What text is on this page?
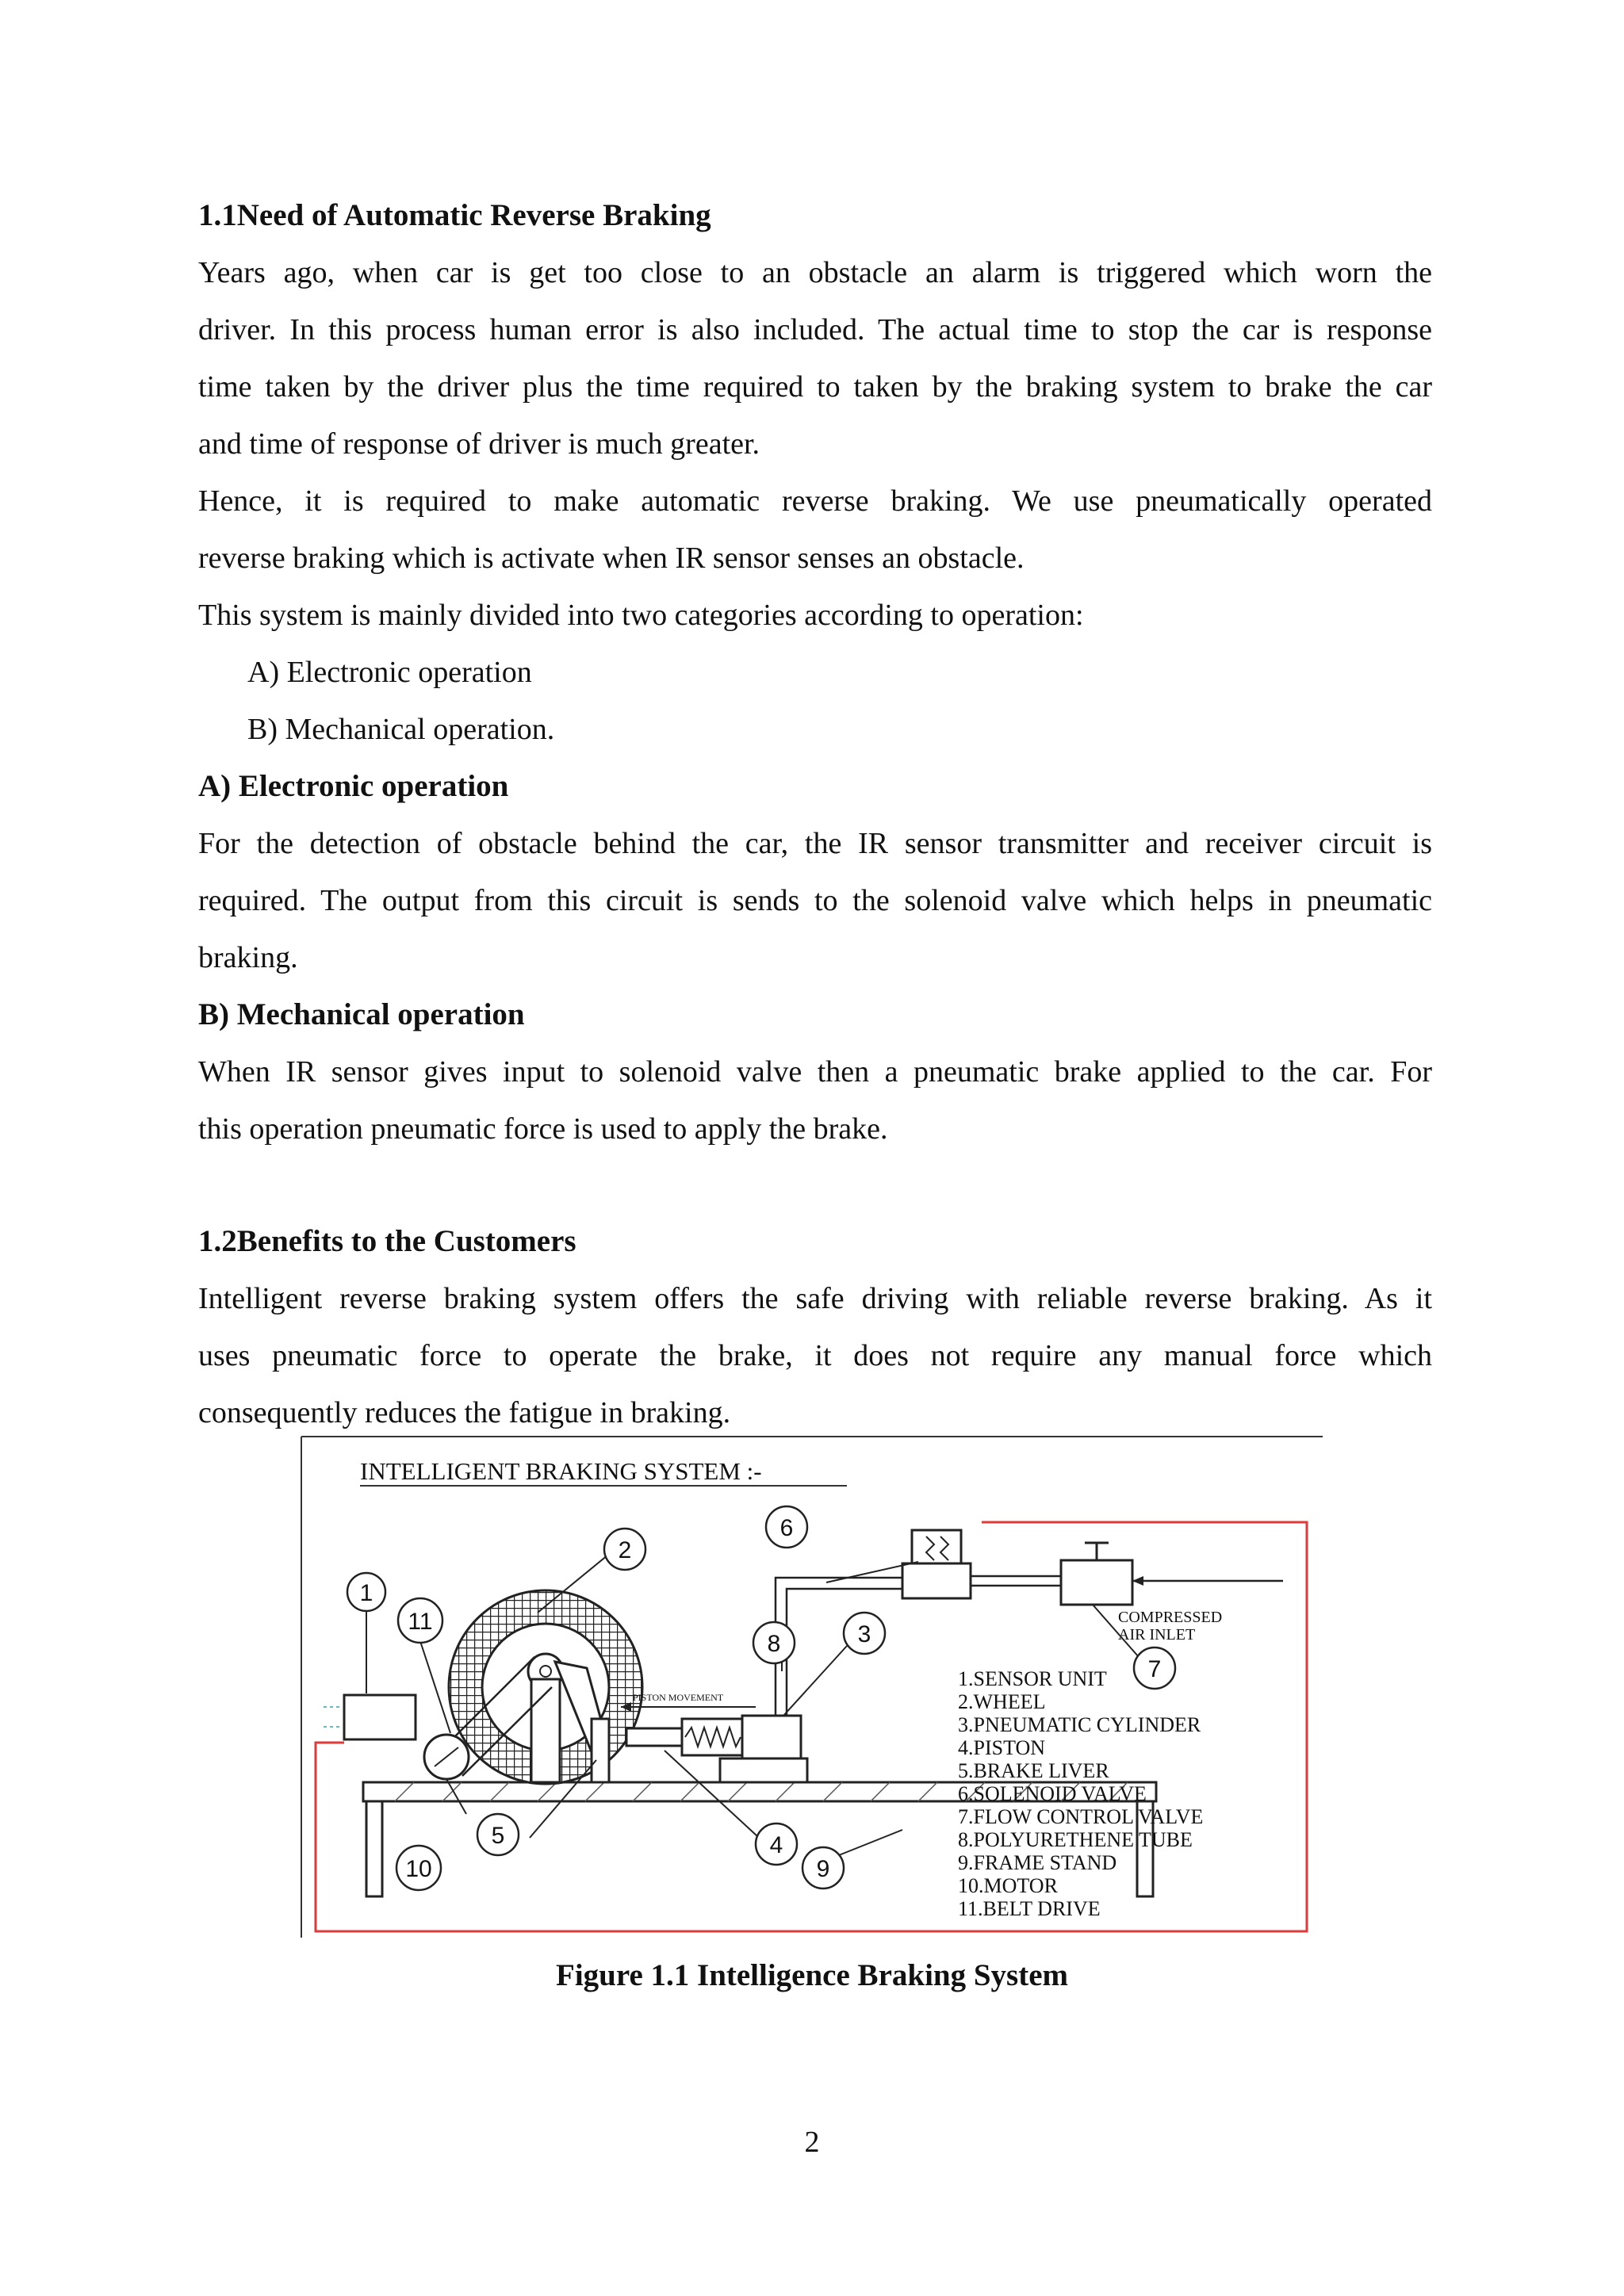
1.1Need of Automatic Reverse Braking
Years ago, when car is get too close to an obstacle an alarm is triggered which worn the
driver. In this process human error is also included. The actual time to stop the car is response
time taken by the driver plus the time required to taken by the braking system to brake the car
and time of response of driver is much greater.
Hence, it is required to make automatic reverse braking. We use pneumatically operated
reverse braking which is activate when IR sensor senses an obstacle.
This system is mainly divided into two categories according to operation:
A) Electronic operation
B) Mechanical operation.
A) Electronic operation
For the detection of obstacle behind the car, the IR sensor transmitter and receiver circuit is
required. The output from this circuit is sends to the solenoid valve which helps in pneumatic
braking.
B) Mechanical operation
When IR sensor gives input to solenoid valve then a pneumatic brake applied to the car. For
this operation pneumatic force is used to apply the brake.
1.2Benefits to the Customers
Intelligent reverse braking system offers the safe driving with reliable reverse braking. As it
uses pneumatic force to operate the brake, it does not require any manual force which
consequently reduces the fatigue in braking.
INTELLIGENT BRAKING SYSTEM :-
PISTON MOVEMENT
COMPRESSED
AIR INLET
1
2
3
4
5
6
7
8
9
10
11
1.SENSOR UNIT
2.WHEEL
3.PNEUMATIC CYLINDER
4.PISTON
5.BRAKE LIVER
6.SOLENOID VALVE
7.FLOW CONTROL VALVE
8.POLYURETHENE TUBE
9.FRAME STAND
10.MOTOR
11.BELT DRIVE
Figure 1.1 Intelligence Braking System
2
